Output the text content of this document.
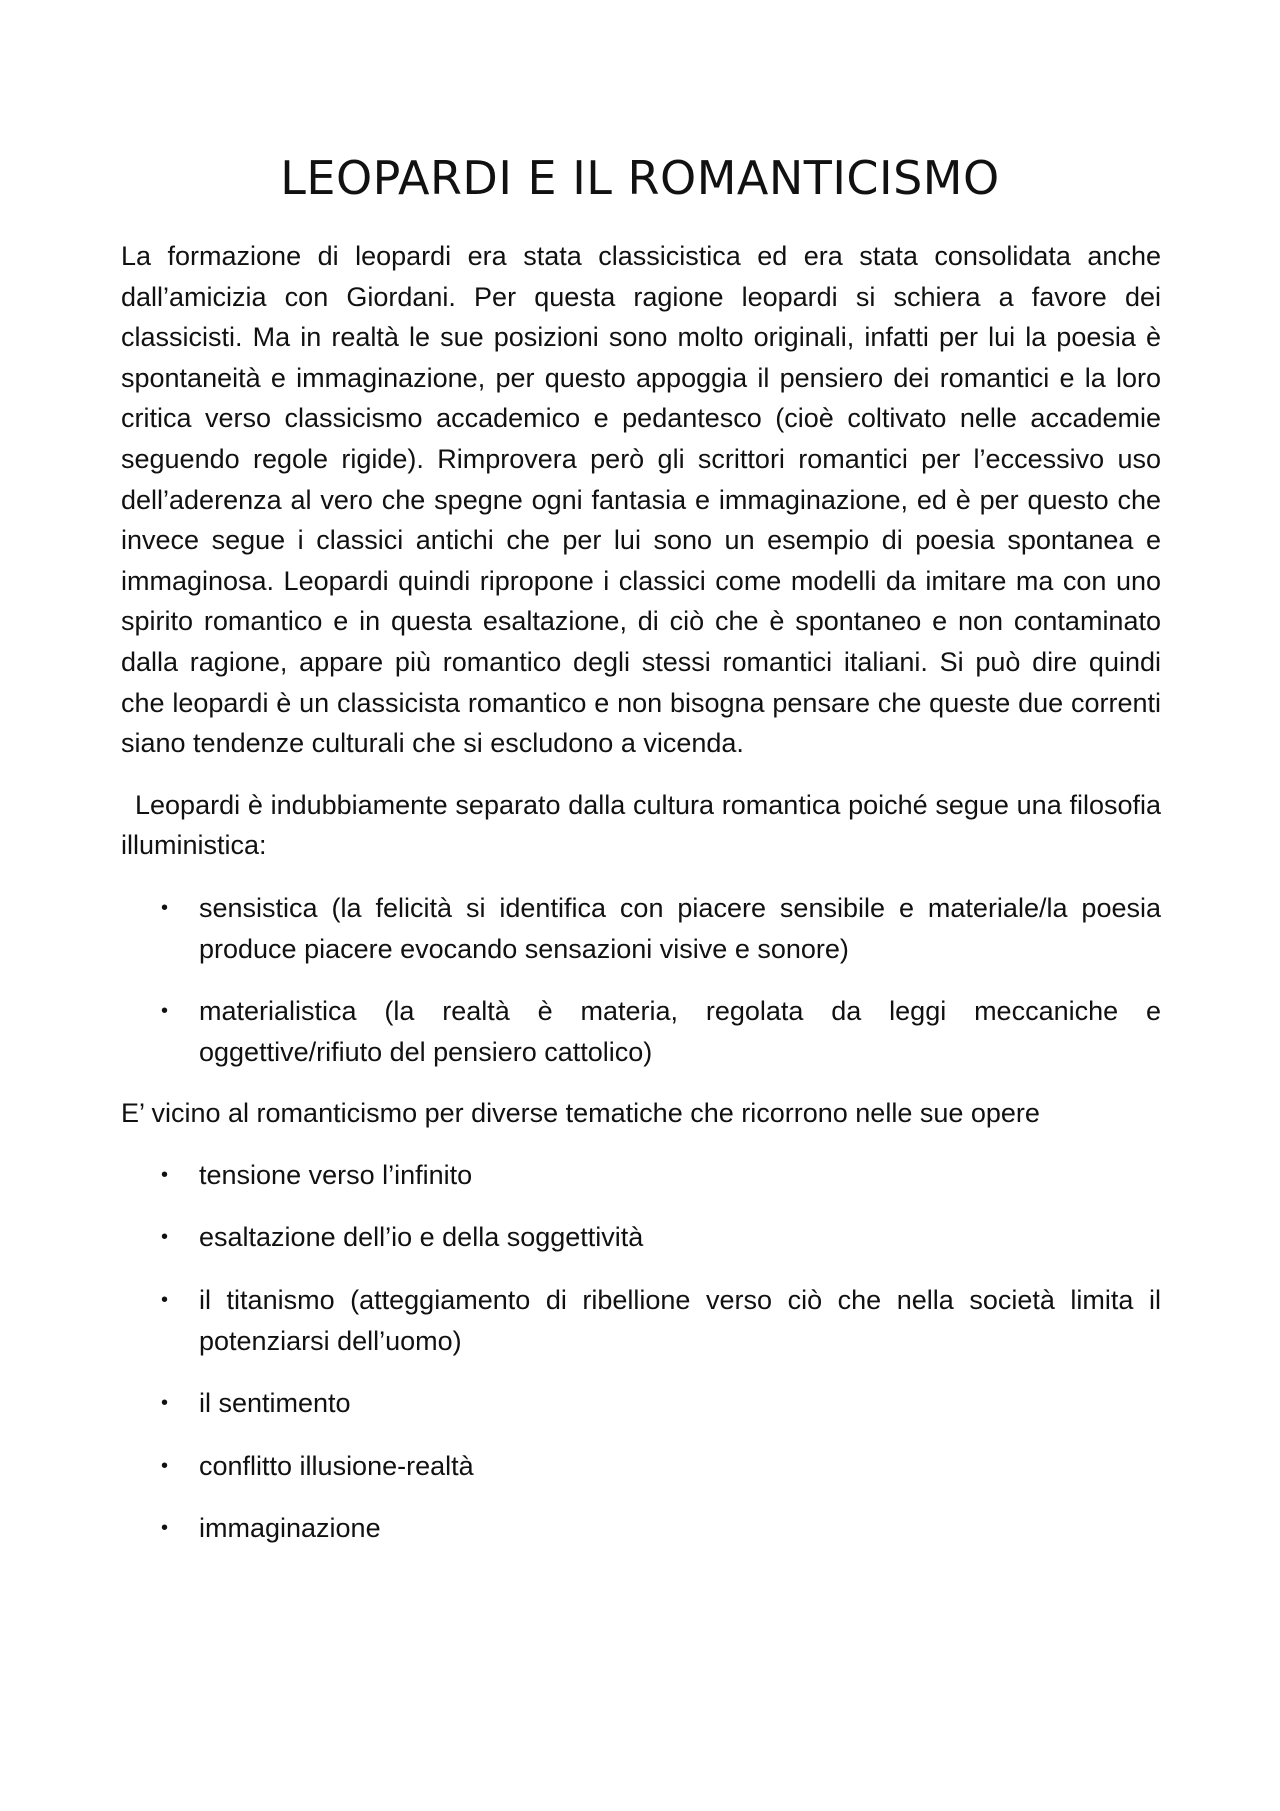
LEOPARDI E IL ROMANTICISMO

La formazione di leopardi era stata classicistica ed era stata consolidata anche dall’amicizia con Giordani. Per questa ragione leopardi si schiera a favore dei classicisti. Ma in realtà le sue posizioni sono molto originali, infatti per lui la poesia è spontaneità e immaginazione, per questo appoggia il pensiero dei romantici e la loro critica verso classicismo accademico e pedantesco (cioè coltivato nelle accademie seguendo regole rigide). Rimprovera però gli scrittori romantici per l’eccessivo uso dell’aderenza al vero che spegne ogni fantasia e immaginazione, ed è per questo che invece segue i classici antichi che per lui sono un esempio di poesia spontanea e immaginosa. Leopardi quindi ripropone i classici come modelli da imitare ma con uno spirito romantico e in questa esaltazione, di ciò che è spontaneo e non contaminato dalla ragione, appare più romantico degli stessi romantici italiani. Si può dire quindi che leopardi è un classicista romantico e non bisogna pensare che queste due correnti siano tendenze culturali che si escludono a vicenda.

Leopardi è indubbiamente separato dalla cultura romantica poiché segue una filosofia illuministica:

• sensistica (la felicità si identifica con piacere sensibile e materiale/la poesia produce piacere evocando sensazioni visive e sonore)
• materialistica (la realtà è materia, regolata da leggi meccaniche e oggettive/rifiuto del pensiero cattolico)

E’ vicino al romanticismo per diverse tematiche che ricorrono nelle sue opere

• tensione verso l’infinito
• esaltazione dell’io e della soggettività
• il titanismo (atteggiamento di ribellione verso ciò che nella società limita il potenziarsi dell’uomo)
• il sentimento
• conflitto illusione-realtà
• immaginazione
